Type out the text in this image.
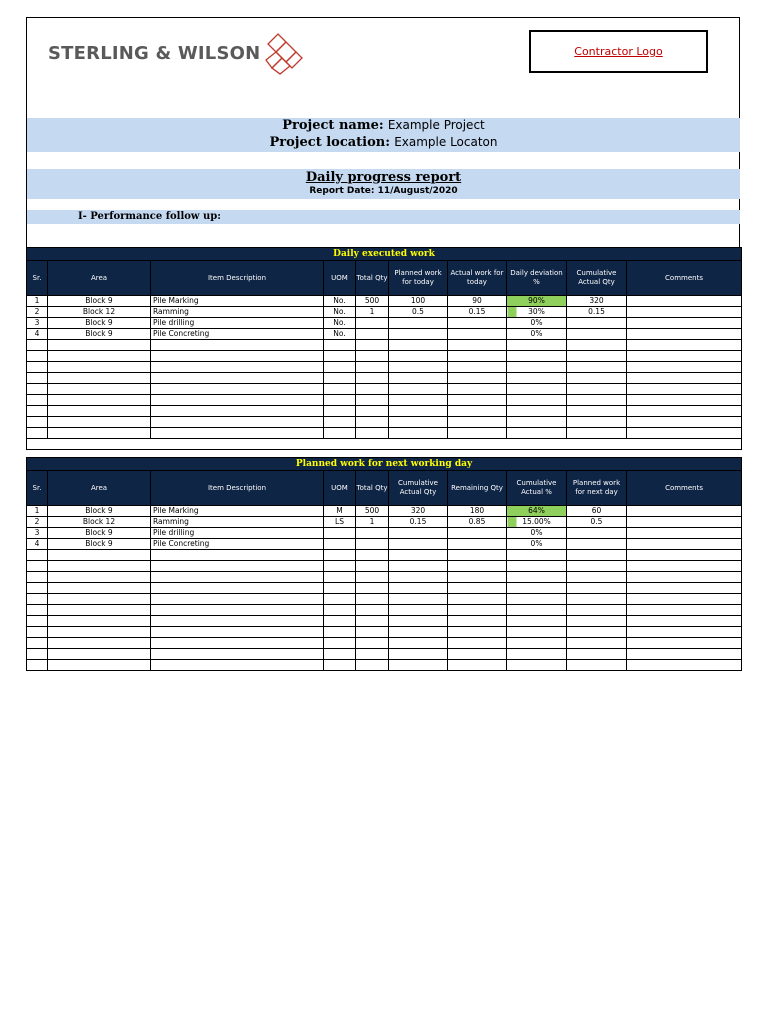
STERLING & WILSON	Contractor Logo
Project name: Example Project
Project location: Example Locaton
Daily progress report
Report Date: 11/August/2020
I- Performance follow up:
Daily executed work									
Sr.	Area	Item Description	UOM	Total Qty	Planned work for today	Actual work for today	Daily deviation %	Cumulative Actual Qty	Comments
1	Block 9	Pile Marking	No.	500	100	90	90%	320	
2	Block 12	Ramming	No.	1	0.5	0.15	30%	0.15	
3	Block 9	Pile drilling	No.				0%		
4	Block 9	Pile Concreting	No.				0%		

Planned work for next working day									
Sr.	Area	Item Description	UOM	Total Qty	Cumulative Actual Qty	Remaining Qty	Cumulative Actual %	Planned work for next day	Comments
1	Block 9	Pile Marking	M	500	320	180	64%	60	
2	Block 12	Ramming	LS	1	0.15	0.85	15.00%	0.5	
3	Block 9	Pile drilling					0%		
4	Block 9	Pile Concreting					0%		
